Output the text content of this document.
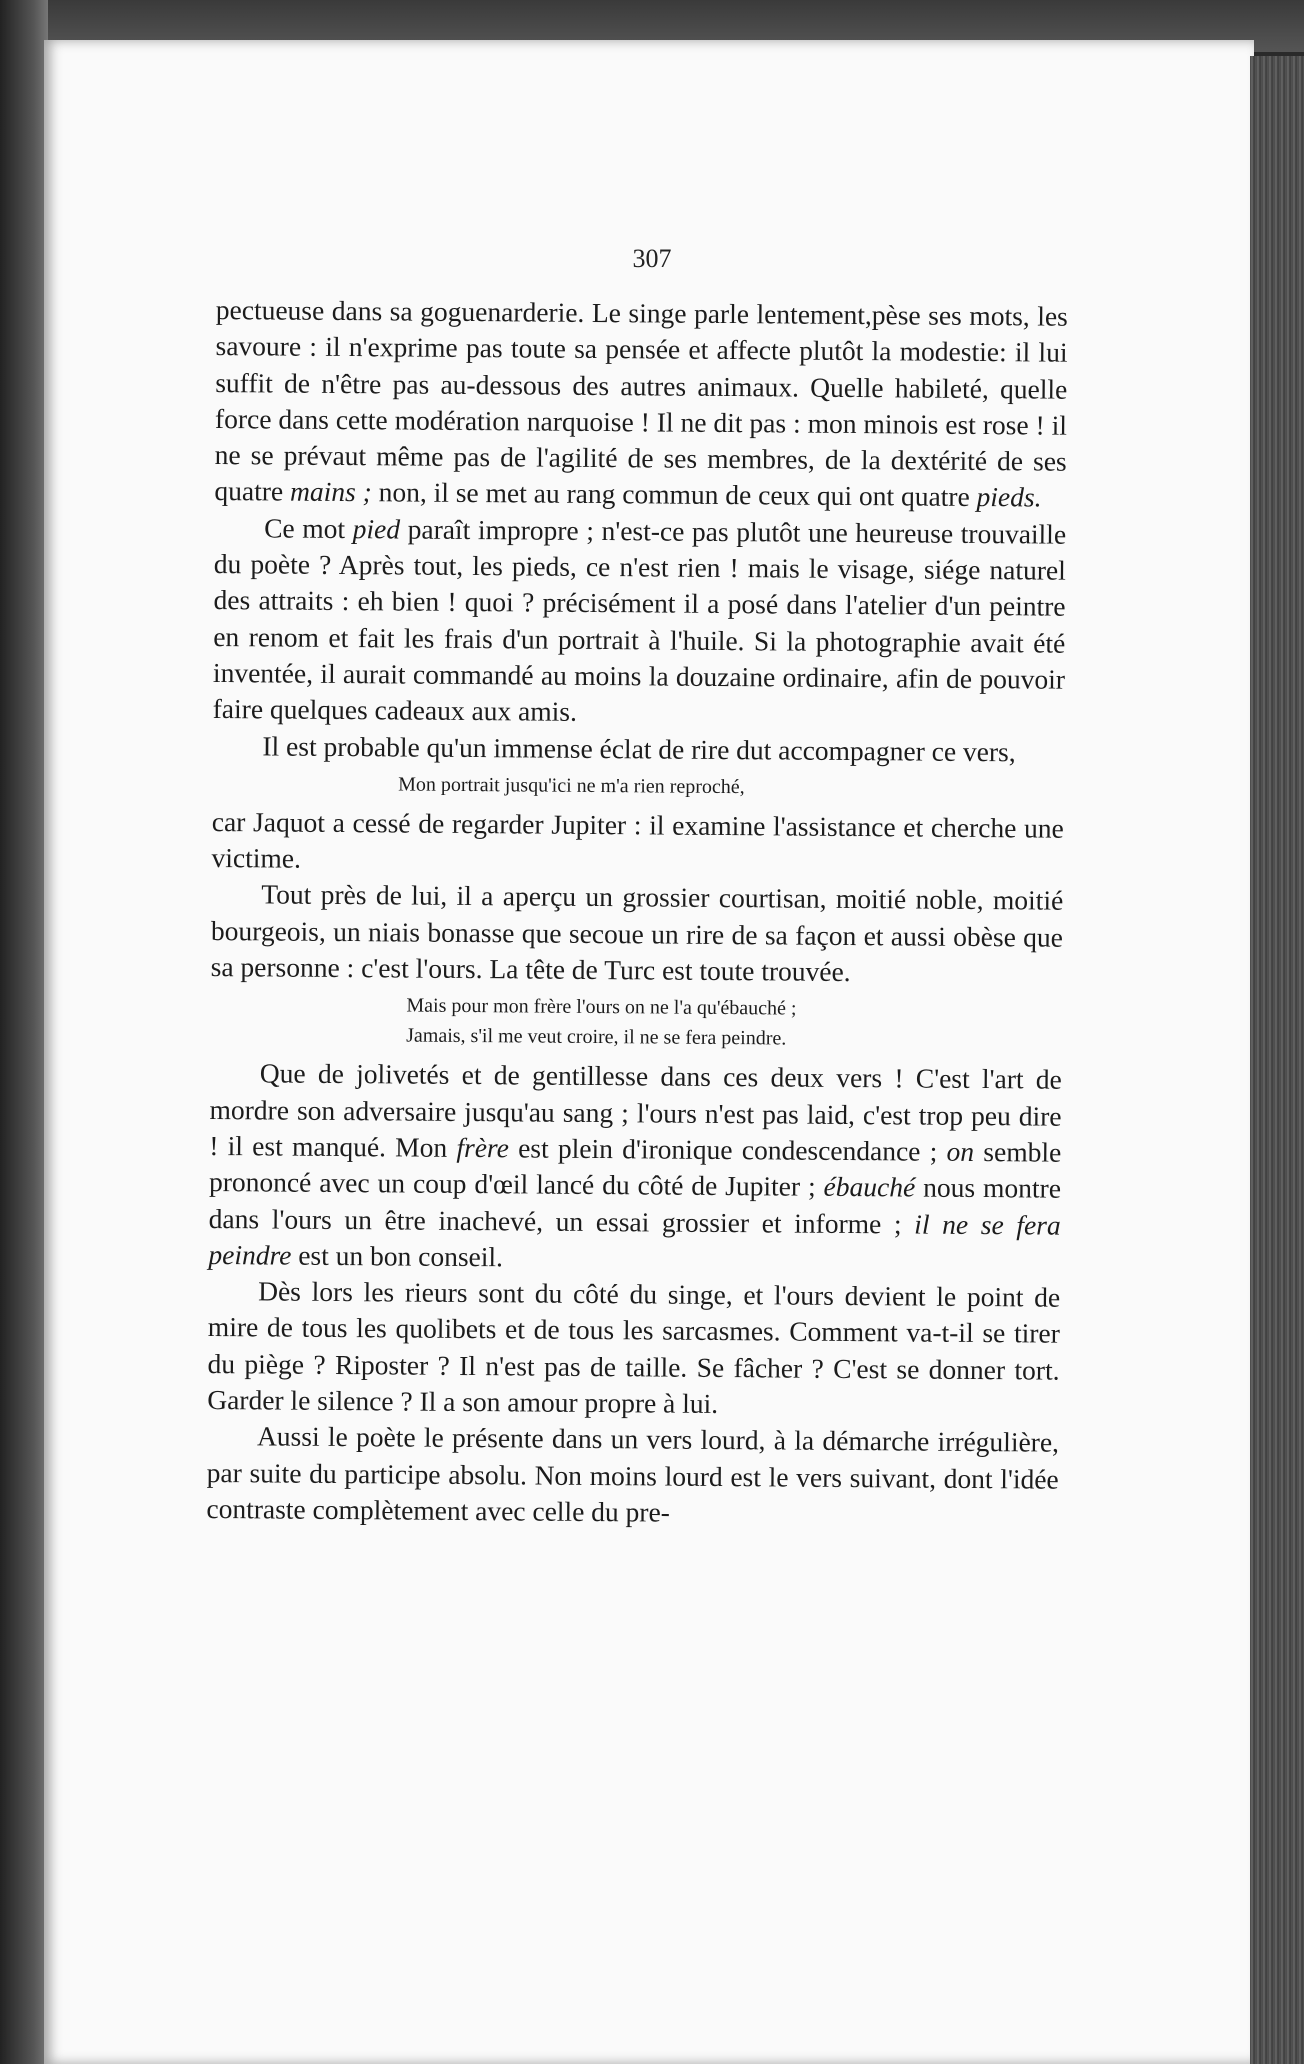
307

pectueuse dans sa goguenarderie. Le singe parle lentement,pèse ses mots, les savoure : il n'exprime pas toute sa pensée et affecte plutôt la modestie: il lui suffit de n'être pas au-dessous des autres animaux. Quelle habileté, quelle force dans cette modération narquoise ! Il ne dit pas : mon minois est rose ! il ne se prévaut même pas de l'agilité de ses membres, de la dextérité de ses quatre mains ; non, il se met au rang commun de ceux qui ont quatre pieds.

Ce mot pied paraît impropre ; n'est-ce pas plutôt une heureuse trouvaille du poète ? Après tout, les pieds, ce n'est rien ! mais le visage, siége naturel des attraits : eh bien ! quoi ? précisément il a posé dans l'atelier d'un peintre en renom et fait les frais d'un portrait à l'huile. Si la photographie avait été inventée, il aurait commandé au moins la douzaine ordinaire, afin de pouvoir faire quelques cadeaux aux amis.

Il est probable qu'un immense éclat de rire dut accompagner ce vers,

Mon portrait jusqu'ici ne m'a rien reproché,

car Jaquot a cessé de regarder Jupiter : il examine l'assistance et cherche une victime.

Tout près de lui, il a aperçu un grossier courtisan, moitié noble, moitié bourgeois, un niais bonasse que secoue un rire de sa façon et aussi obèse que sa personne : c'est l'ours. La tête de Turc est toute trouvée.

Mais pour mon frère l'ours on ne l'a qu'ébauché ;
Jamais, s'il me veut croire, il ne se fera peindre.

Que de jolivetés et de gentillesse dans ces deux vers ! C'est l'art de mordre son adversaire jusqu'au sang ; l'ours n'est pas laid, c'est trop peu dire ! il est manqué. Mon frère est plein d'ironique condescendance ; on semble prononcé avec un coup d'œil lancé du côté de Jupiter ; ébauché nous montre dans l'ours un être inachevé, un essai grossier et informe ; il ne se fera peindre est un bon conseil.

Dès lors les rieurs sont du côté du singe, et l'ours devient le point de mire de tous les quolibets et de tous les sarcasmes. Comment va-t-il se tirer du piège ? Riposter ? Il n'est pas de taille. Se fâcher ? C'est se donner tort. Garder le silence ? Il a son amour propre à lui.

Aussi le poète le présente dans un vers lourd, à la démarche irrégulière, par suite du participe absolu. Non moins lourd est le vers suivant, dont l'idée contraste complètement avec celle du pre-
